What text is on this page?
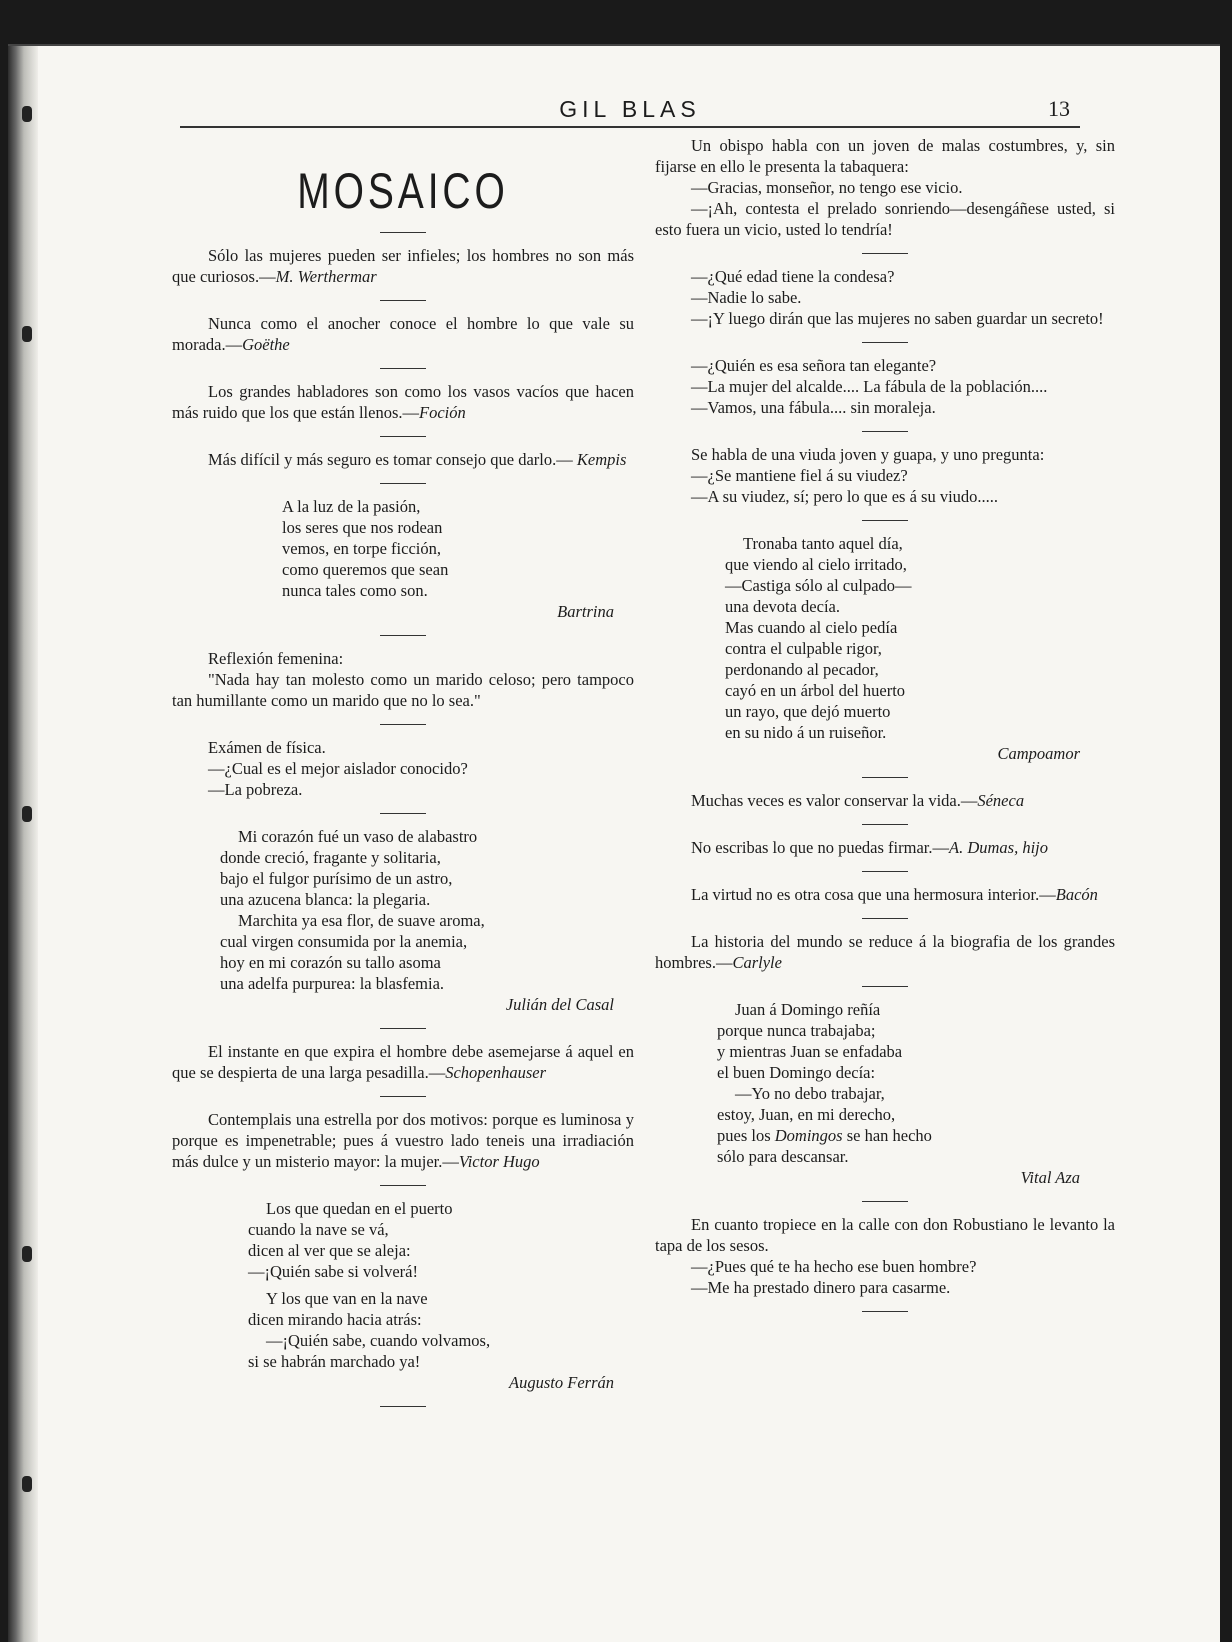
GIL BLAS	13
MOSAICO

Sólo las mujeres pueden ser infieles; los hombres no son más que curiosos.—M. Werthermar

Nunca como el anocher conoce el hombre lo que vale su morada.—Goëthe

Los grandes habladores son como los vasos vacíos que hacen más ruido que los que están llenos.—Foción

Más difícil y más seguro es tomar consejo que darlo.— Kempis

A la luz de la pasión,
los seres que nos rodean
vemos, en torpe ficción,
como queremos que sean
nunca tales como son.
Bartrina

Reflexión femenina:

"Nada hay tan molesto como un marido celoso; pero tampoco tan humillante como un marido que no lo sea."

Exámen de física.

—¿Cual es el mejor aislador conocido?

—La pobreza.

Mi corazón fué un vaso de alabastro
donde creció, fragante y solitaria,
bajo el fulgor purísimo de un astro,
una azucena blanca: la plegaria.
Marchita ya esa flor, de suave aroma,
cual virgen consumida por la anemia,
hoy en mi corazón su tallo asoma
una adelfa purpurea: la blasfemia.
Julián del Casal

El instante en que expira el hombre debe asemejarse á aquel en que se despierta de una larga pesadilla.—Schopenhauser

Contemplais una estrella por dos motivos: porque es luminosa y porque es impenetrable; pues á vuestro lado teneis una irradiación más dulce y un misterio mayor: la mujer.—Victor Hugo

Los que quedan en el puerto
cuando la nave se vá,
dicen al ver que se aleja:
—¡Quién sabe si volverá!
Y los que van en la nave
dicen mirando hacia atrás:
—¡Quién sabe, cuando volvamos,
si se habrán marchado ya!
Augusto Ferrán

Un obispo habla con un joven de malas costumbres, y, sin fijarse en ello le presenta la tabaquera:

—Gracias, monseñor, no tengo ese vicio.

—¡Ah, contesta el prelado sonriendo—desengáñese usted, si esto fuera un vicio, usted lo tendría!

—¿Qué edad tiene la condesa?

—Nadie lo sabe.

—¡Y luego dirán que las mujeres no saben guardar un secreto!

—¿Quién es esa señora tan elegante?

—La mujer del alcalde.... La fábula de la población....

—Vamos, una fábula.... sin moraleja.

Se habla de una viuda joven y guapa, y uno pregunta:

—¿Se mantiene fiel á su viudez?

—A su viudez, sí; pero lo que es á su viudo.....

Tronaba tanto aquel día,
que viendo al cielo irritado,
—Castiga sólo al culpado—
una devota decía.
Mas cuando al cielo pedía
contra el culpable rigor,
perdonando al pecador,
cayó en un árbol del huerto
un rayo, que dejó muerto
en su nido á un ruiseñor.
Campoamor

Muchas veces es valor conservar la vida.—Séneca

No escribas lo que no puedas firmar.—A. Dumas, hijo

La virtud no es otra cosa que una hermosura interior.—Bacón

La historia del mundo se reduce á la biografia de los grandes hombres.—Carlyle

Juan á Domingo reñía
porque nunca trabajaba;
y mientras Juan se enfadaba
el buen Domingo decía:
—Yo no debo trabajar,
estoy, Juan, en mi derecho,
pues los Domingos se han hecho
sólo para descansar.
Vital Aza

En cuanto tropiece en la calle con don Robustiano le levanto la tapa de los sesos.

—¿Pues qué te ha hecho ese buen hombre?

—Me ha prestado dinero para casarme.
